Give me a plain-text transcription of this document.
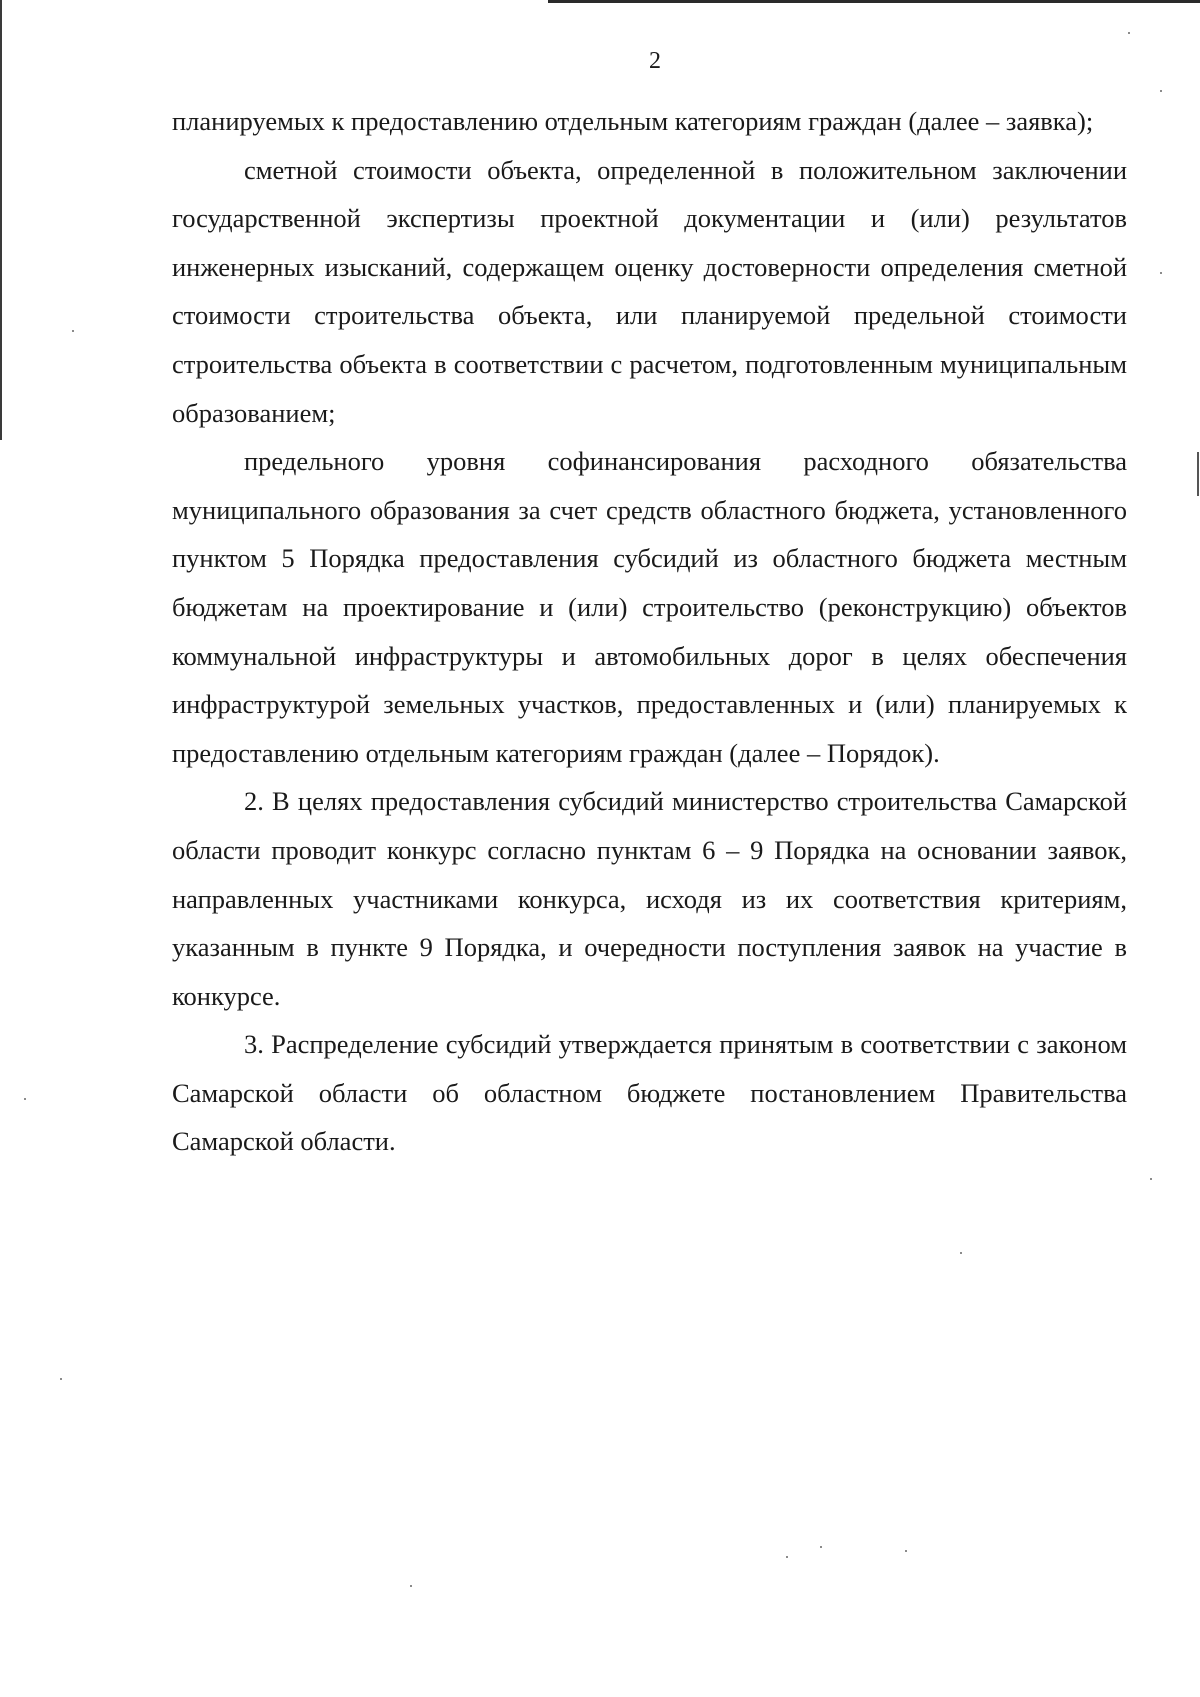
2

планируемых к предоставлению отдельным категориям граждан (далее – заявка);

сметной стоимости объекта, определенной в положительном заключении государственной экспертизы проектной документации и (или) результатов инженерных изысканий, содержащем оценку достоверности определения сметной стоимости строительства объекта, или планируемой предельной стоимости строительства объекта в соответствии с расчетом, подготовленным муниципальным образованием;

предельного уровня софинансирования расходного обязательства муниципального образования за счет средств областного бюджета, установленного пунктом 5 Порядка предоставления субсидий из областного бюджета местным бюджетам на проектирование и (или) строительство (реконструкцию) объектов коммунальной инфраструктуры и автомобильных дорог в целях обеспечения инфраструктурой земельных участков, предоставленных и (или) планируемых к предоставлению отдельным категориям граждан (далее – Порядок).

2. В целях предоставления субсидий министерство строительства Самарской области проводит конкурс согласно пунктам 6 – 9 Порядка на основании заявок, направленных участниками конкурса, исходя из их соответствия критериям, указанным в пункте 9 Порядка, и очередности поступления заявок на участие в конкурсе.

3. Распределение субсидий утверждается принятым в соответствии с законом Самарской области об областном бюджете постановлением Правительства Самарской области.
